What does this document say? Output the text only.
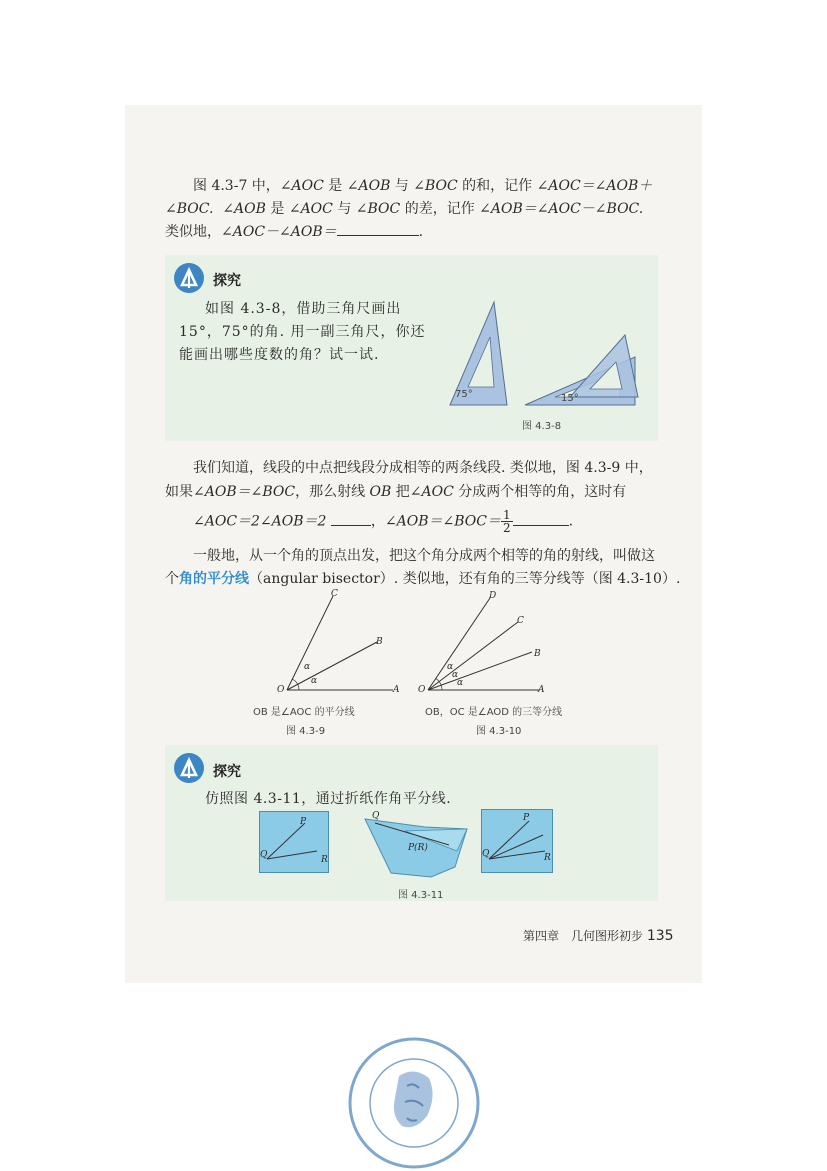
图 4.3-7 中，∠AOC 是 ∠AOB 与 ∠BOC 的和，记作 ∠AOC＝∠AOB＋
∠BOC. ∠AOB 是 ∠AOC 与 ∠BOC 的差，记作 ∠AOB＝∠AOC－∠BOC.
类似地，∠AOC－∠AOB＝	.
探究
如图 4.3-8，借助三角尺画出
15°，75°的角. 用一副三角尺，你还
能画出哪些度数的角？试一试.
75°	15°
图 4.3-8
我们知道，线段的中点把线段分成相等的两条线段. 类似地，图 4.3-9 中，
如果∠AOB＝∠BOC，那么射线 OB 把∠AOC 分成两个相等的角，这时有
∠AOC＝2∠AOB＝2	，∠AOB＝∠BOC＝ $\frac{1}{2}$	.
一般地，从一个角的顶点出发，把这个角分成两个相等的角的射线，叫做这
个角的平分线（angular bisector）. 类似地，还有角的三等分线等（图 4.3-10）.
C
B
A
O
α
α
OB 是∠AOC 的平分线
图 4.3-9
D
C
B
A
O
α
α
α
OB，OC 是∠AOD 的三等分线
图 4.3-10
探究
仿照图 4.3-11，通过折纸作角平分线.
P
Q	R
Q
P(R)
P
Q	R
图 4.3-11
第四章　几何图形初步 135
